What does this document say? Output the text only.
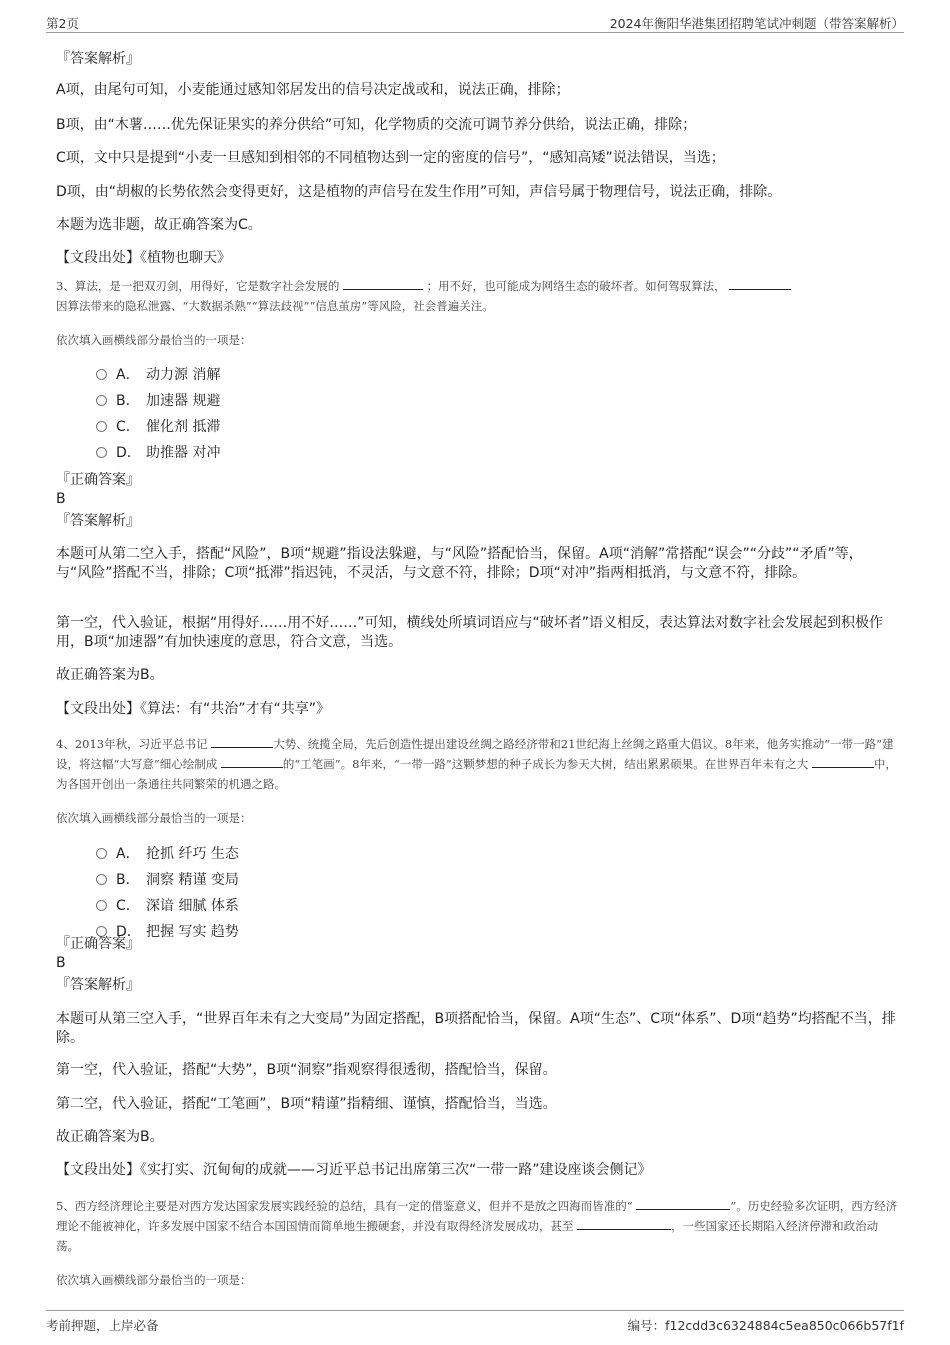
第2页	2024年衡阳华港集团招聘笔试冲刺题（带答案解析）
『答案解析』
A项，由尾句可知，小麦能通过感知邻居发出的信号决定战或和，说法正确，排除；
B项，由“木薯……优先保证果实的养分供给”可知，化学物质的交流可调节养分供给，说法正确，排除；
C项，文中只是提到“小麦一旦感知到相邻的不同植物达到一定的密度的信号”，“感知高矮”说法错误，当选；
D项，由“胡椒的长势依然会变得更好，这是植物的声信号在发生作用”可知，声信号属于物理信号，说法正确，排除。
本题为选非题，故正确答案为C。
【文段出处】《植物也聊天》
3、算法，是一把双刃剑，用得好，它是数字社会发展的	；用不好，也可能成为网络生态的破坏者。如何驾驭算法，
因算法带来的隐私泄露、“大数据杀熟”“算法歧视”“信息茧房”等风险，社会普遍关注。
依次填入画横线部分最恰当的一项是：
A． 动力源 消解
B． 加速器 规避
C． 催化剂 抵滞
D． 助推器 对冲
『正确答案』
B
『答案解析』
本题可从第二空入手，搭配“风险”，B项“规避”指设法躲避，与“风险”搭配恰当，保留。A项“消解”常搭配“误会”“分歧”“矛盾”等，与“风险”搭配不当，排除；C项“抵滞”指迟钝，不灵活，与文意不符，排除；D项“对冲”指两相抵消，与文意不符，排除。
第一空，代入验证，根据“用得好……用不好……”可知，横线处所填词语应与“破坏者”语义相反，表达算法对数字社会发展起到积极作用，B项“加速器”有加快速度的意思，符合文意，当选。
故正确答案为B。
【文段出处】《算法：有“共治”才有“共享”》
4、2013年秋，习近平总书记	大势、统揽全局，先后创造性提出建设丝绸之路经济带和21世纪海上丝绸之路重大倡议。8年来，他务实推动“一带一路”建设，将这幅“大写意”细心绘制成	的“工笔画”。8年来，“一带一路”这颗梦想的种子成长为参天大树，结出累累硕果。在世界百年未有之大	中，为各国开创出一条通往共同繁荣的机遇之路。
依次填入画横线部分最恰当的一项是：
A． 抢抓 纤巧 生态
B． 洞察 精谨 变局
C． 深谙 细腻 体系
D． 把握 写实 趋势
『正确答案』
B
『答案解析』
本题可从第三空入手，“世界百年未有之大变局”为固定搭配，B项搭配恰当，保留。A项“生态”、C项“体系”、D项“趋势”均搭配不当，排除。
第一空，代入验证，搭配“大势”，B项“洞察”指观察得很透彻，搭配恰当，保留。
第二空，代入验证，搭配“工笔画”，B项“精谨”指精细、谨慎，搭配恰当，当选。
故正确答案为B。
【文段出处】《实打实、沉甸甸的成就——习近平总书记出席第三次“一带一路”建设座谈会侧记》
5、西方经济理论主要是对西方发达国家发展实践经验的总结，具有一定的借鉴意义，但并不是放之四海而皆准的“	”。历史经验多次证明，西方经济理论不能被神化，许多发展中国家不结合本国国情而简单地生搬硬套，并没有取得经济发展成功，甚至	，一些国家还长期陷入经济停滞和政治动荡。
依次填入画横线部分最恰当的一项是：
考前押题，上岸必备	编号：f12cdd3c6324884c5ea850c066b57f1f
